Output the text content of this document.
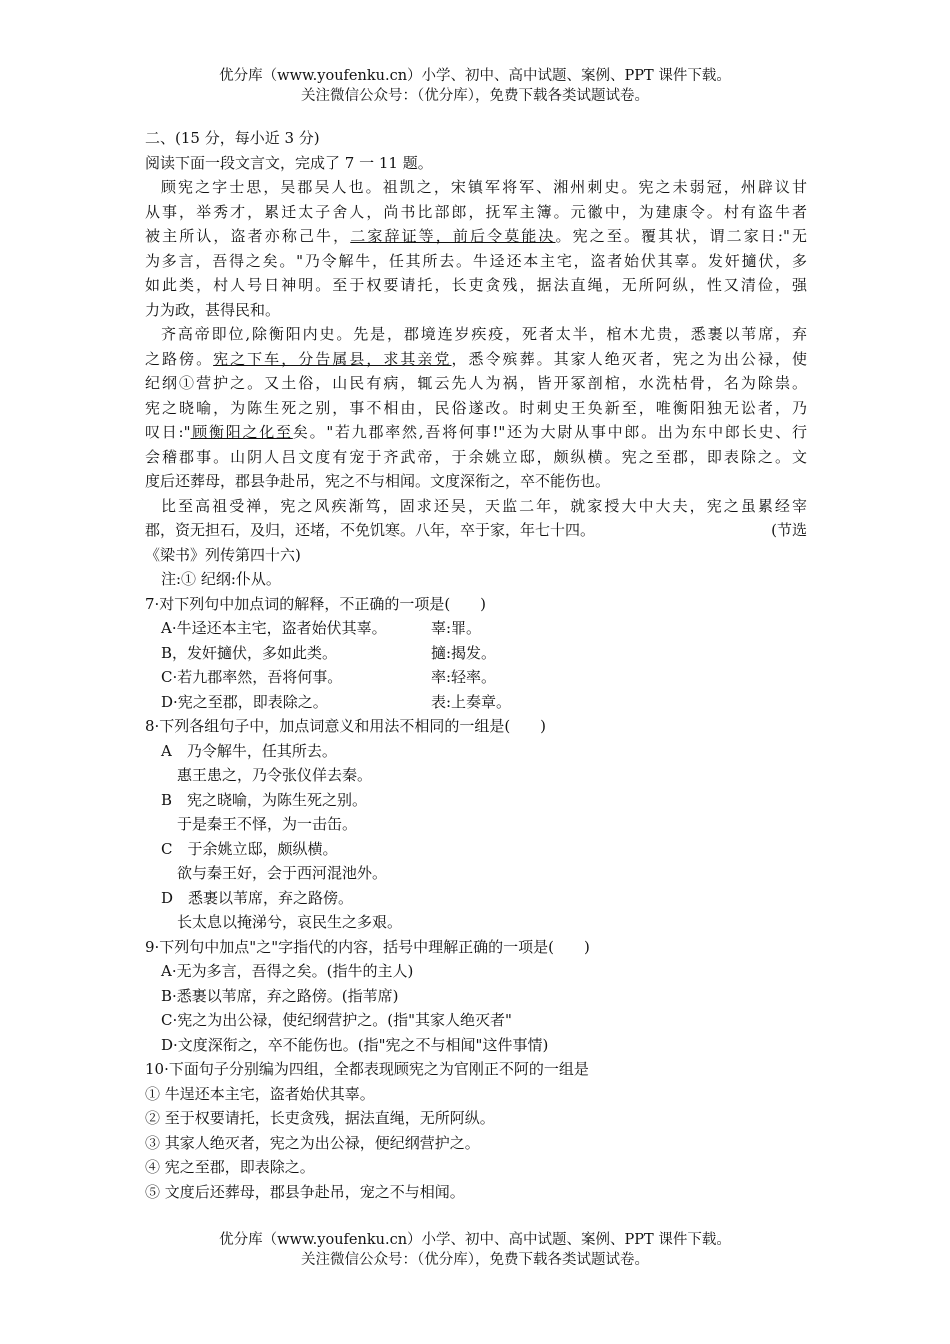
优分库（www.youfenku.cn）小学、初中、高中试题、案例、PPT 课件下载。
关注微信公众号：（优分库），免费下载各类试题试卷。
二、(15 分，每小近 3 分)
阅读下面一段文言文，完成了 7 一 11 题。
顾宪之字士思，吴郡吴人也。祖凯之，宋镇军将军、湘州刺史。宪之未弱冠，州辟议甘
从事，举秀才，累迁太子舍人，尚书比部郎，抚军主簿。元徽中，为建康令。村有盗牛者
被主所认，盗者亦称己牛，二家辞证等，前后令莫能决。宪之至。覆其状，谓二家日:"无
为多言，吾得之矣。"乃令解牛，任其所去。牛迳还本主宅，盗者始伏其辜。发奸擿伏，多
如此类，村人号日神明。至于权要请托，长吏贪残，据法直绳，无所阿纵，性又清俭，强
力为政，甚得民和。
齐高帝即位,除衡阳内史。先是，郡境连岁疾疫，死者太半，棺木尤贵，悉裹以苇席，弃
之路傍。宪之下车，分告属县，求其亲党，悉令殡葬。其家人绝灭者，宪之为出公禄，使
纪纲①营护之。又土俗，山民有病，辄云先人为祸，皆开冢剖棺，水洗枯骨，名为除祟。
宪之晓喻，为陈生死之别，事不相由，民俗遂改。时刺史王奂新至，唯衡阳独无讼者，乃
叹日:"顾衡阳之化至矣。"若九郡率然,吾将何事!"还为大尉从事中郎。出为东中郎长史、行
会稽郡事。山阴人吕文度有宠于齐武帝，于余姚立邸，颇纵横。宪之至郡，即表除之。文
度后还葬母，郡县争赴吊，宪之不与相闻。文度深衔之，卒不能伤也。
比至高祖受禅，宪之风疾渐笃，固求还吴，天监二年，就家授大中大夫，宪之虽累经宰
郡，资无担石，及归，还堵，不免饥寒。八年，卒于家，年七十四。	(节选
《梁书》列传第四十六)
注:① 纪纲:仆从。
7·对下列句中加点词的解释，不正确的一项是(　　)
A·牛迳还本主宅，盗者始伏其辜。	辜:罪。
B，发奸擿伏，多如此类。	擿:揭发。
C·若九郡率然，吾将何事。	率:轻率。
D·宪之至郡，即表除之。	表:上奏章。
8·下列各组句子中，加点词意义和用法不相同的一组是(　　)
A　乃令解牛，任其所去。
惠王患之，乃令张仪佯去秦。
B　宪之晓喻，为陈生死之别。
于是秦王不怿，为一击缶。
C　于余姚立邸，颇纵横。
欲与秦王好，会于西河混池外。
D　悉裹以苇席，弃之路傍。
长太息以掩涕兮，哀民生之多艰。
9·下列句中加点"之"字指代的内容，括号中理解正确的一项是(　　)
A·无为多言，吾得之矣。(指牛的主人)
B·悉裹以苇席，弃之路傍。(指苇席)
C·宪之为出公禄，使纪纲营护之。(指"其家人绝灭者"
D·文度深衔之，卒不能伤也。(指"宪之不与相闻"这件事情)
10·下面句子分别编为四组，全都表现顾宪之为官刚正不阿的一组是
① 牛逞还本主宅，盗者始伏其辜。
② 至于权要请托，长吏贪残，据法直绳，无所阿纵。
③ 其家人绝灭者，宪之为出公禄，便纪纲营护之。
④ 宪之至郡，即表除之。
⑤ 文度后还葬母，郡县争赴吊，宠之不与相闻。
优分库（www.youfenku.cn）小学、初中、高中试题、案例、PPT 课件下载。
关注微信公众号：（优分库），免费下载各类试题试卷。
